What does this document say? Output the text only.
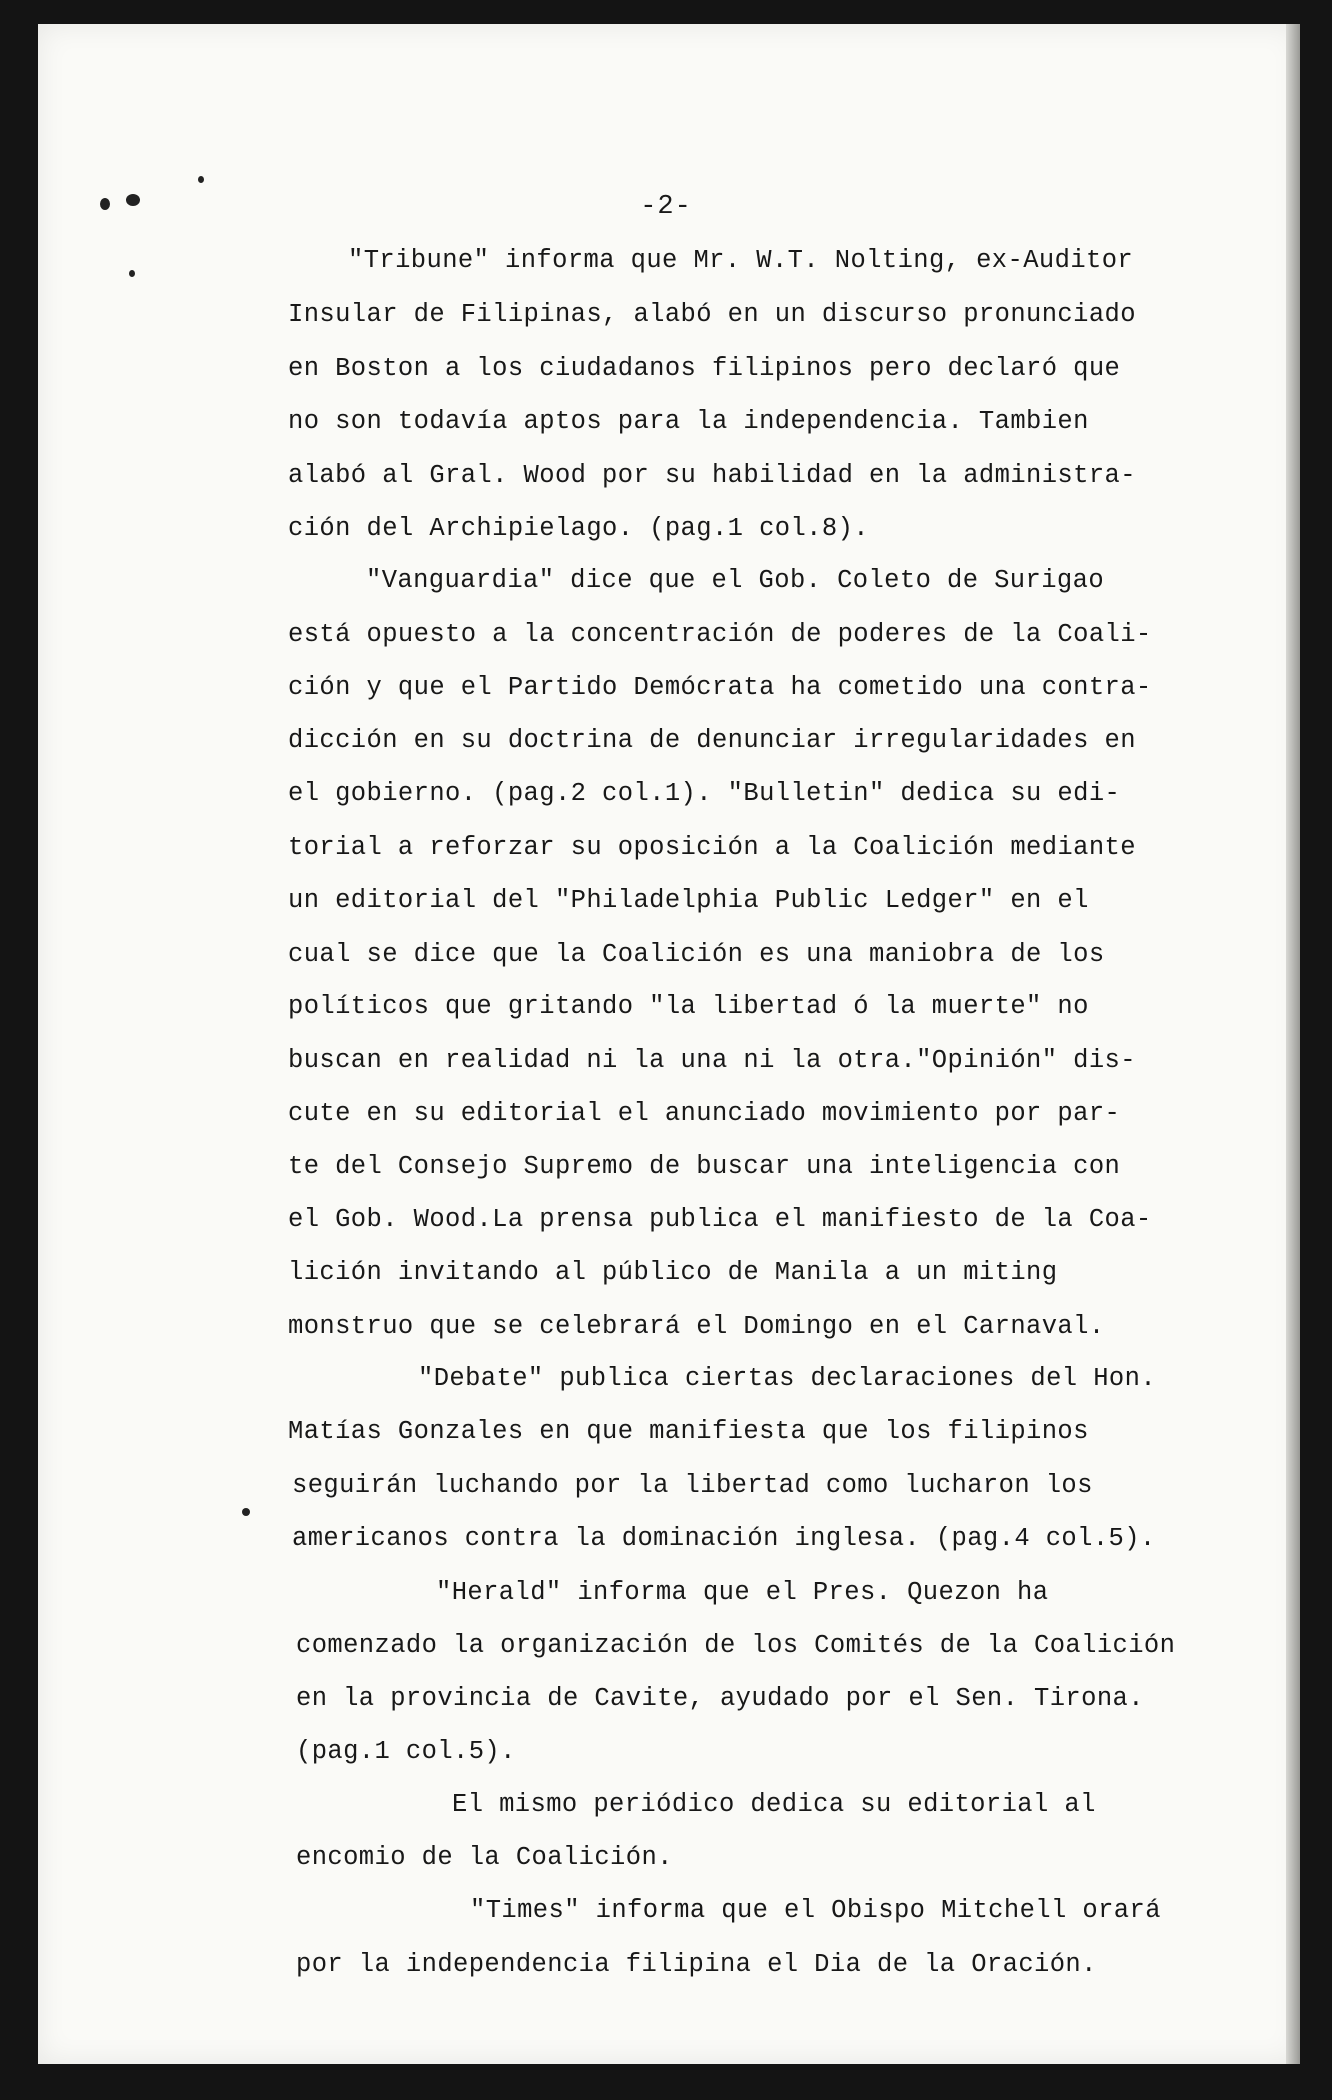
-2-
"Tribune" informa que Mr. W.T. Nolting, ex-Auditor
Insular de Filipinas, alabó en un discurso pronunciado
en Boston a los ciudadanos filipinos pero declaró que
no son todavía aptos para la independencia. Tambien
alabó al Gral. Wood por su habilidad en la administra-
ción del Archipielago. (pag.1 col.8).
"Vanguardia" dice que el Gob. Coleto de Surigao
está opuesto a la concentración de poderes de la Coali-
ción y que el Partido Demócrata ha cometido una contra-
dicción en su doctrina de denunciar irregularidades en
el gobierno. (pag.2 col.1). "Bulletin" dedica su edi-
torial a reforzar su oposición a la Coalición mediante
un editorial del "Philadelphia Public Ledger" en el
cual se dice que la Coalición es una maniobra de los
políticos que gritando "la libertad ó la muerte" no
buscan en realidad ni la una ni la otra."Opinión" dis-
cute en su editorial el anunciado movimiento por par-
te del Consejo Supremo de buscar una inteligencia con
el Gob. Wood.La prensa publica el manifiesto de la Coa-
lición invitando al público de Manila a un miting
monstruo que se celebrará el Domingo en el Carnaval.
"Debate" publica ciertas declaraciones del Hon.
Matías Gonzales en que manifiesta que los filipinos
seguirán luchando por la libertad como lucharon los
americanos contra la dominación inglesa. (pag.4 col.5).
"Herald" informa que el Pres. Quezon ha
comenzado la organización de los Comités de la Coalición
en la provincia de Cavite, ayudado por el Sen. Tirona.
(pag.1 col.5).
El mismo periódico dedica su editorial al
encomio de la Coalición.
"Times" informa que el Obispo Mitchell orará
por la independencia filipina el Dia de la Oración.
